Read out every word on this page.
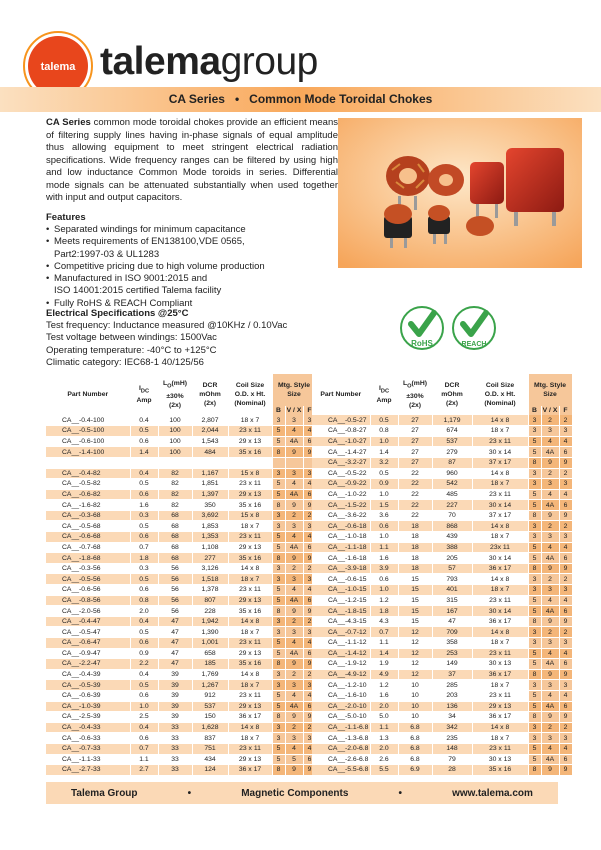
talema talemagroup
CA Series • Common Mode Toroidal Chokes

CA Series common mode toroidal chokes provide an efficient means of filtering supply lines having in-phase signals of equal amplitude thus allowing equipment to meet stringent electrical radiation specifications. Wide frequency ranges can be filtered by using high and low inductance Common Mode toroids in series. Differential mode signals can be attenuated substantially when used together with input and output capacitors.

Features
• Separated windings for minimum capacitance
• Meets requirements of EN138100,VDE 0565,
Part2:1997-03 & UL1283
• Competitive pricing due to high volume production
• Manufactured in ISO 9001:2015 and
ISO 14001:2015 certified Talema facility
• Fully RoHS & REACH Compliant
Electrical Specifications @25°C
Test frequency: Inductance measured @10KHz / 0.10Vac
Test voltage between windings: 1500Vac
Operating temperature: -40°C to +125°C
Climatic category: IEC68-1 40/125/56
RoHS	REACH
Part Number	$I_{DC}$
Amp	$L_O(mH)$
±30%
(2x)	DCR
mOhm
(2x)	Coil Size
O.D. x Ht.
(Nominal)	Mtg. Style
Size		

					B	V / X	F
CA__-0.4-100	0.4	100	2,807	18 x 7	3	3	3
CA__-0.5-100	0.5	100	2,044	23 x 11	5	4	4
CA__-0.6-100	0.6	100	1,543	29 x 13	5	4A	6
CA__-1.4-100	1.4	100	484	35 x 16	8	9	9

CA__-0.4-82	0.4	82	1,167	15 x 8	3	3	3
CA__-0.5-82	0.5	82	1,851	23 x 11	5	4	4
CA__-0.6-82	0.6	82	1,397	29 x 13	5	4A	6
CA__-1.6-82	1.6	82	350	35 x 16	8	9	9
CA__-0.3-68	0.3	68	3,692	15 x 8	3	2	2
CA__-0.5-68	0.5	68	1,853	18 x 7	3	3	3
CA__-0.6-68	0.6	68	1,353	23 x 11	5	4	4
CA__-0.7-68	0.7	68	1,108	29 x 13	5	4A	6
CA__-1.8-68	1.8	68	277	35 x 16	8	9	9
CA__-0.3-56	0.3	56	3,126	14 x 8	3	2	2
CA__-0.5-56	0.5	56	1,518	18 x 7	3	3	3
CA__-0.6-56	0.6	56	1,378	23 x 11	5	4	4
CA__-0.8-56	0.8	56	807	29 x 13	5	4A	6
CA__-2.0-56	2.0	56	228	35 x 16	8	9	9
CA__-0.4-47	0.4	47	1,942	14 x 8	3	2	2
CA__-0.5-47	0.5	47	1,390	18 x 7	3	3	3
CA__-0.6-47	0.6	47	1,001	23 x 11	5	4	4
CA__-0.9-47	0.9	47	658	29 x 13	5	4A	6
CA__-2.2-47	2.2	47	185	35 x 16	8	9	9
CA__-0.4-39	0.4	39	1,769	14 x 8	3	2	2
CA__-0.5-39	0.5	39	1,267	18 x 7	3	3	3
CA__-0.6-39	0.6	39	912	23 x 11	5	4	4
CA__-1.0-39	1.0	39	537	29 x 13	5	4A	6
CA__-2.5-39	2.5	39	150	36 x 17	8	9	9
CA__-0.4-33	0.4	33	1,628	14 x 8	3	2	2
CA__-0.6-33	0.6	33	837	18 x 7	3	3	3
CA__-0.7-33	0.7	33	751	23 x 11	5	4	4
CA__-1.1-33	1.1	33	434	29 x 13	5	5	6
CA__-2.7-33	2.7	33	124	36 x 17	8	9	9
Part Number	$I_{DC}$
Amp	$L_O(mH)$
±30%
(2x)	DCR
mOhm
(2x)	Coil Size
O.D. x Ht.
(Nominal)	Mtg. Style
Size		

					B	V / X	F
CA__-0.5-27	0.5	27	1,179	14 x 8	3	2	2
CA__-0.8-27	0.8	27	674	18 x 7	3	3	3
CA__-1.0-27	1.0	27	537	23 x 11	5	4	4
CA__-1.4-27	1.4	27	279	30 x 14	5	4A	6
CA__-3.2-27	3.2	27	87	37 x 17	8	9	9
CA__-0.5-22	0.5	22	960	14 x 8	3	2	2
CA__-0.9-22	0.9	22	542	18 x 7	3	3	3
CA__-1.0-22	1.0	22	485	23 x 11	5	4	4
CA__-1.5-22	1.5	22	227	30 x 14	5	4A	6
CA__-3.6-22	3.6	22	70	37 x 17	8	9	9
CA__-0.6-18	0.6	18	868	14 x 8	3	2	2
CA__-1.0-18	1.0	18	439	18 x 7	3	3	3
CA__-1.1-18	1.1	18	388	23x 11	5	4	4
CA__-1.6-18	1.6	18	205	30 x 14	5	4A	6
CA__-3.9-18	3.9	18	57	36 x 17	8	9	9
CA__-0.6-15	0.6	15	793	14 x 8	3	2	2
CA__-1.0-15	1.0	15	401	18 x 7	3	3	3
CA__-1.2-15	1.2	15	315	23 x 11	5	4	4
CA__-1.8-15	1.8	15	167	30 x 14	5	4A	6
CA__-4.3-15	4.3	15	47	36 x 17	8	9	9
CA__-0.7-12	0.7	12	709	14 x 8	3	2	2
CA__-1.1-12	1.1	12	358	18 x 7	3	3	3
CA__-1.4-12	1.4	12	253	23 x 11	5	4	4
CA__-1.9-12	1.9	12	149	30 x 13	5	4A	6
CA__-4.9-12	4.9	12	37	36 x 17	8	9	9
CA__-1.2-10	1.2	10	285	18 x 7	3	3	3
CA__-1.6-10	1.6	10	203	23 x 11	5	4	4
CA__-2.0-10	2.0	10	136	29 x 13	5	4A	6
CA__-5.0-10	5.0	10	34	36 x 17	8	9	9
CA__-1.1-6.8	1.1	6.8	342	14 x 8	3	2	2
CA__-1.3-6.8	1.3	6.8	235	18 x 7	3	3	3
CA__-2.0-6.8	2.0	6.8	148	23 x 11	5	4	4
CA__-2.6-6.8	2.6	6.8	79	30 x 13	5	4A	6
CA__-5.5-6.8	5.5	6.9	28	35 x 16	8	9	9
Talema Group	•	Magnetic Components	•	www.talema.com
